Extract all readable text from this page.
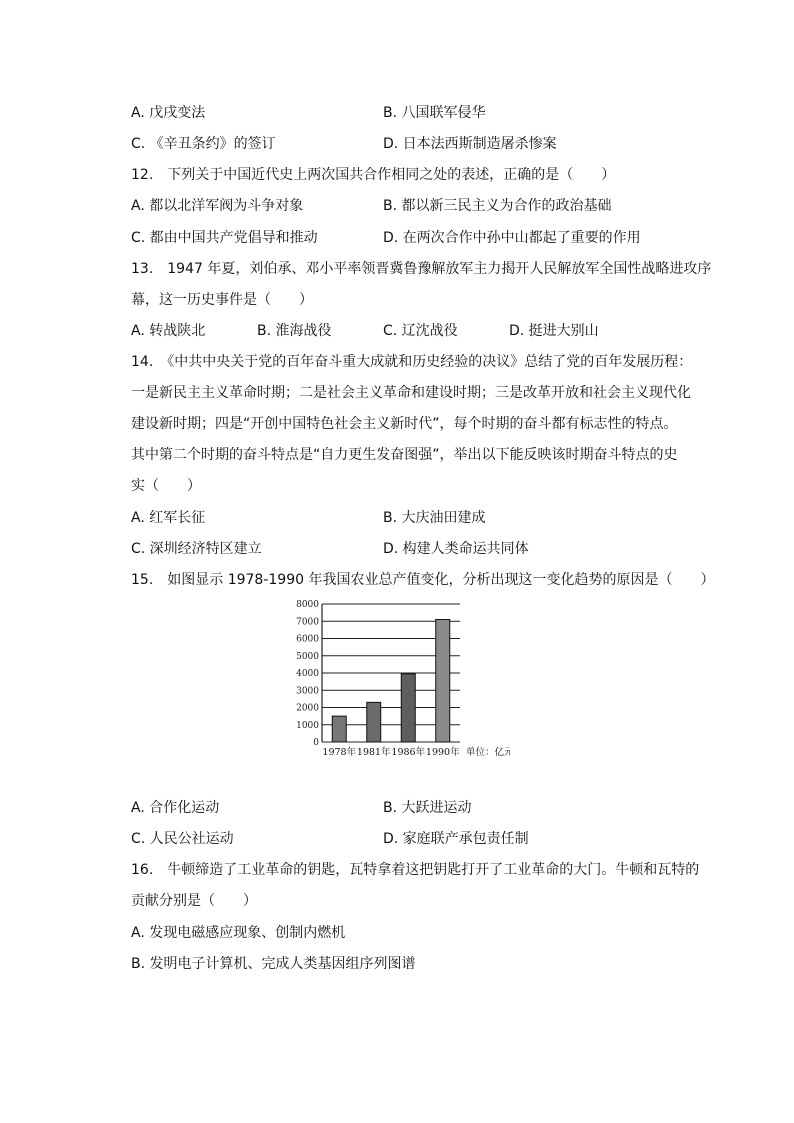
A. 戊戌变法	B. 八国联军侵华
C. 《辛丑条约》的签订	D. 日本法西斯制造屠杀惨案
12.　下列关于中国近代史上两次国共合作相同之处的表述，正确的是（　　）
A. 都以北洋军阀为斗争对象	B. 都以新三民主义为合作的政治基础
C. 都由中国共产党倡导和推动	D. 在两次合作中孙中山都起了重要的作用
13.　1947 年夏，刘伯承、邓小平率领晋冀鲁豫解放军主力揭开人民解放军全国性战略进攻序
幕，这一历史事件是（　　）
A. 转战陕北	B. 淮海战役	C. 辽沈战役	D. 挺进大别山
14.　《中共中央关于党的百年奋斗重大成就和历史经验的决议》总结了党的百年发展历程：
一是新民主主义革命时期；二是社会主义革命和建设时期；三是改革开放和社会主义现代化
建设新时期；四是“开创中国特色社会主义新时代”，每个时期的奋斗都有标志性的特点。
其中第二个时期的奋斗特点是“自力更生发奋图强”，举出以下能反映该时期奋斗特点的史
实（　　）
A. 红军长征	B. 大庆油田建成
C. 深圳经济特区建立	D. 构建人类命运共同体
15.　如图显示 1978-1990 年我国农业总产值变化，分析出现这一变化趋势的原因是（　　）
0
1000
2000
3000
4000
5000
6000
7000
8000
1978年 1981年 1986年 1990年 单位：亿元
A. 合作化运动	B. 大跃进运动
C. 人民公社运动	D. 家庭联产承包责任制
16.　牛顿缔造了工业革命的钥匙，瓦特拿着这把钥匙打开了工业革命的大门。牛顿和瓦特的
贡献分别是（　　）
A. 发现电磁感应现象、创制内燃机
B. 发明电子计算机、完成人类基因组序列图谱
